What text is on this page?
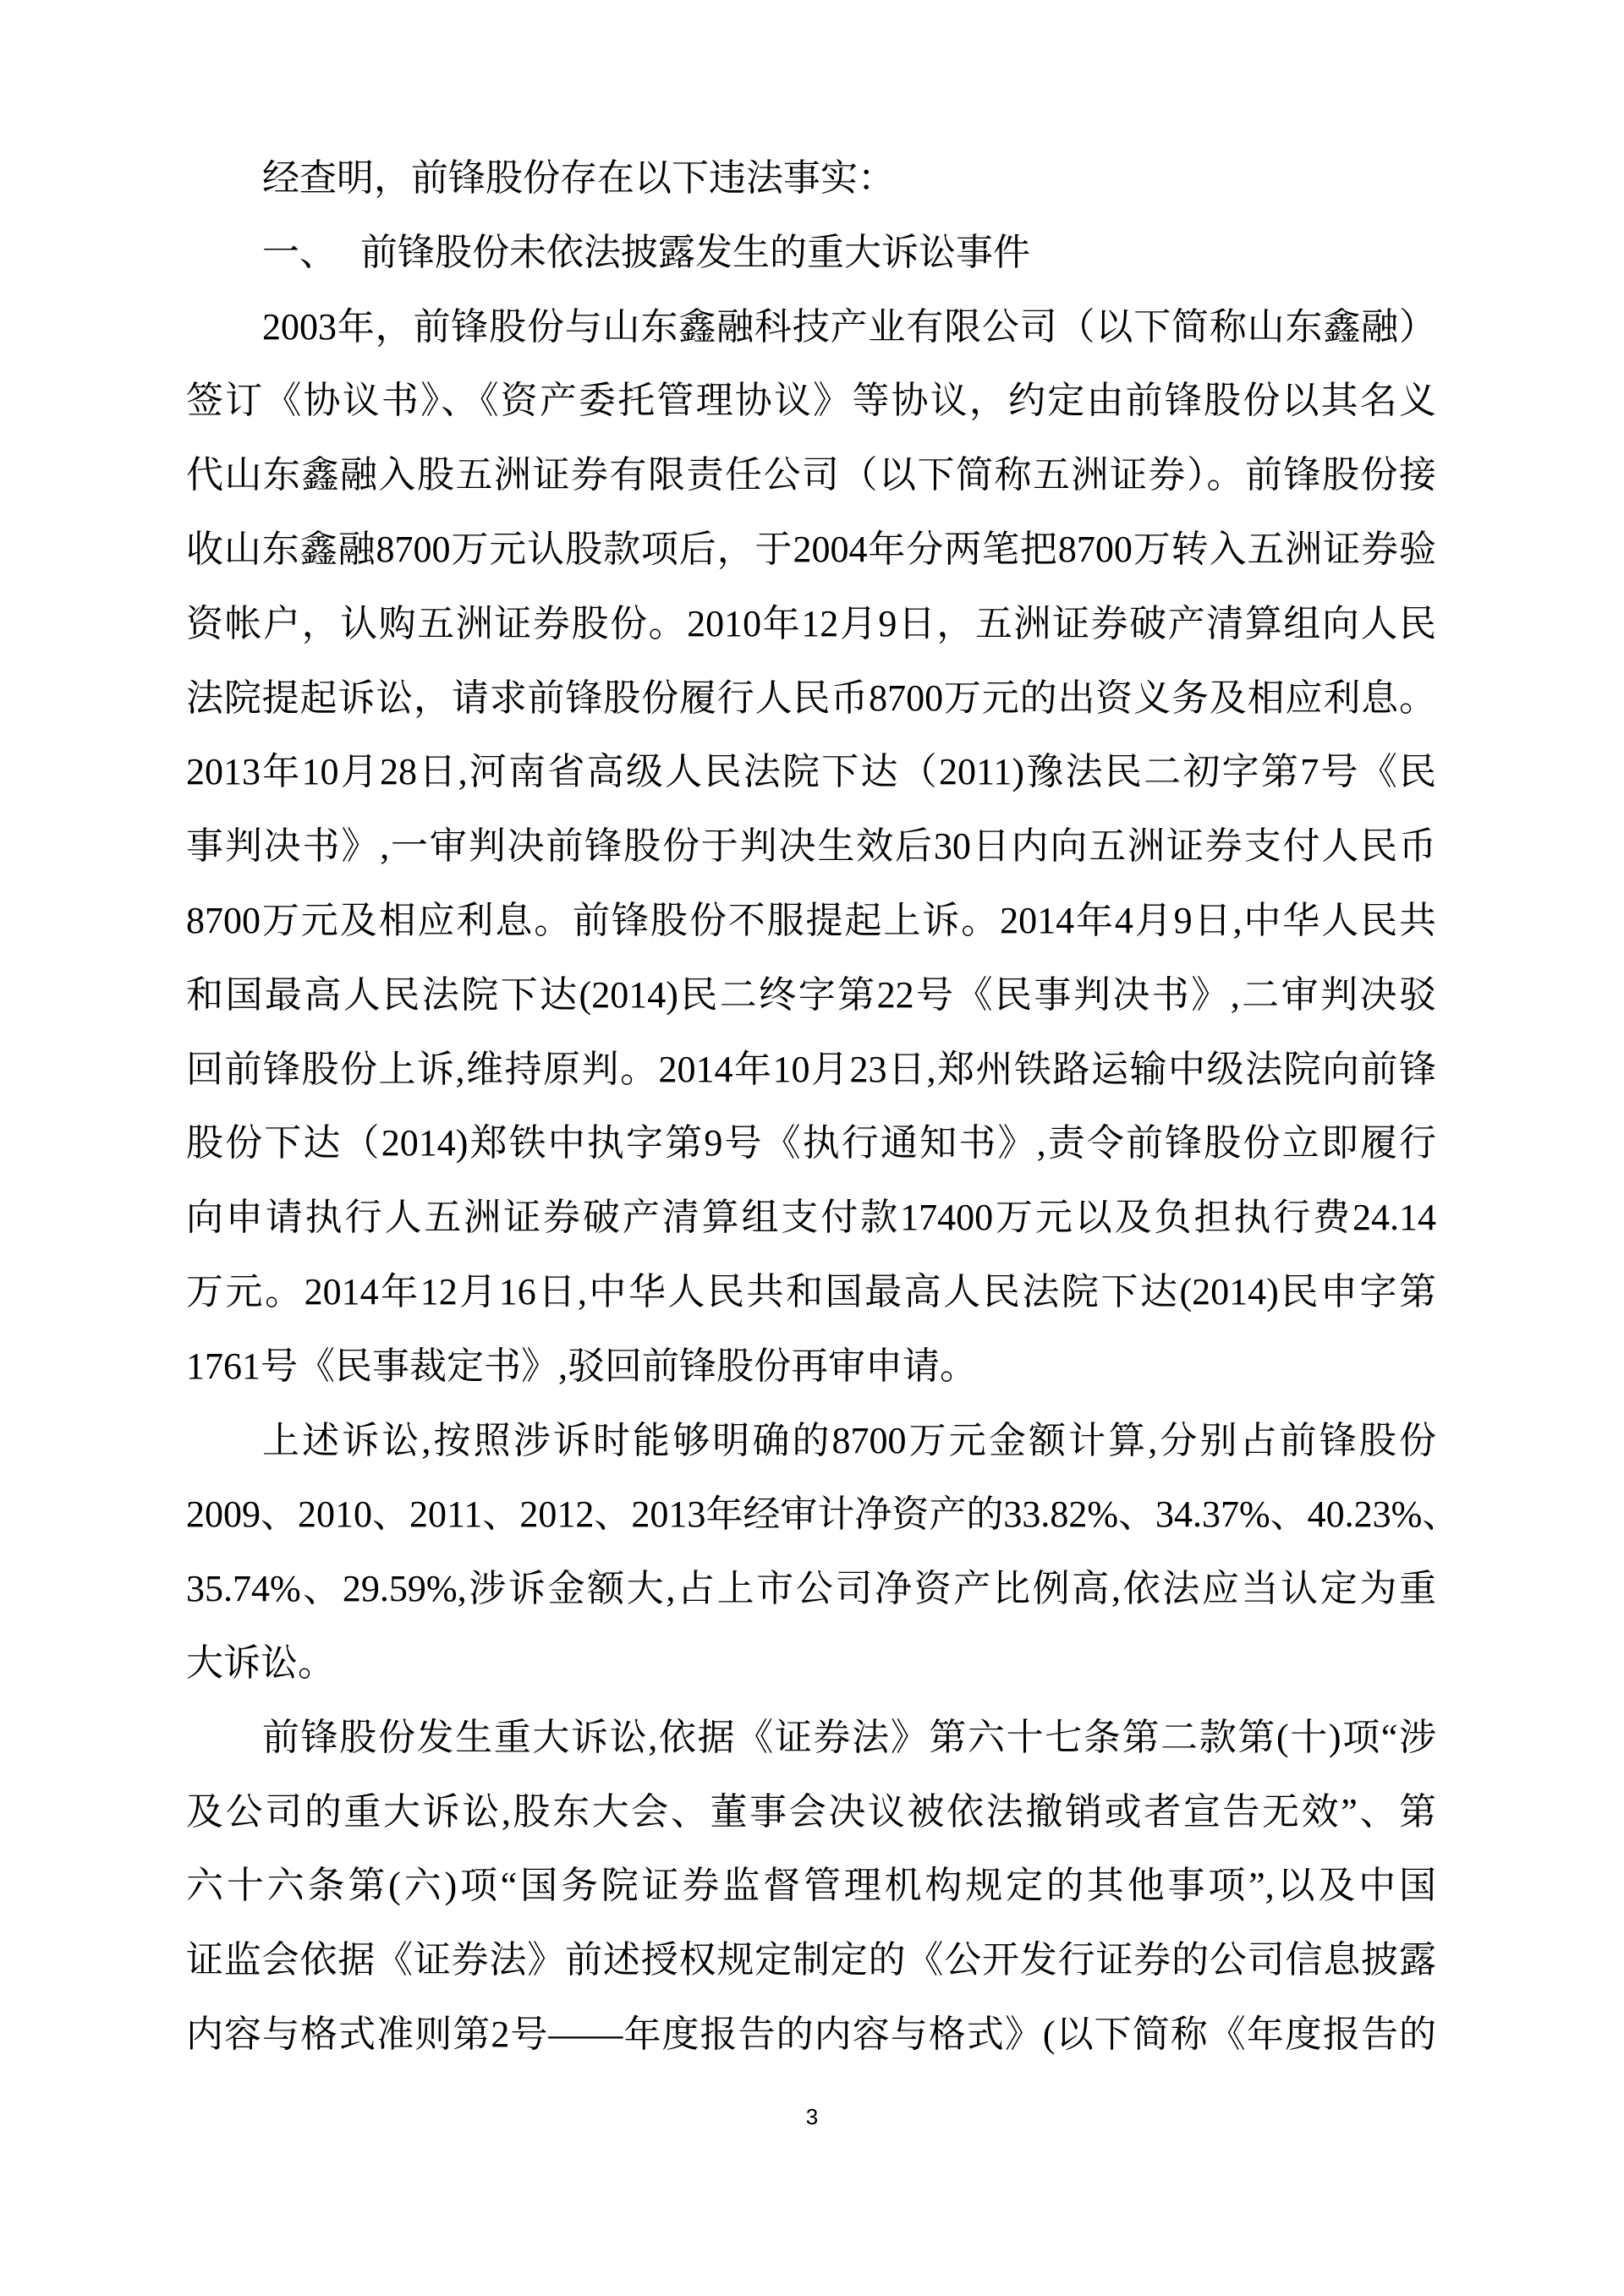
经查明，前锋股份存在以下违法事实：
一、 前锋股份未依法披露发生的重大诉讼事件
2003年，前锋股份与山东鑫融科技产业有限公司（以下简称山东鑫融）
签订《协议书》、《资产委托管理协议》等协议，约定由前锋股份以其名义
代山东鑫融入股五洲证券有限责任公司（以下简称五洲证券）。前锋股份接
收山东鑫融8700万元认股款项后，于2004年分两笔把8700万转入五洲证券验
资帐户，认购五洲证券股份。2010年12月9日，五洲证券破产清算组向人民
法院提起诉讼，请求前锋股份履行人民币8700万元的出资义务及相应利息。
2013年10月28日,河南省高级人民法院下达（2011)豫法民二初字第7号《民
事判决书》,一审判决前锋股份于判决生效后30日内向五洲证券支付人民币
8700万元及相应利息。前锋股份不服提起上诉。2014年4月9日,中华人民共
和国最高人民法院下达(2014)民二终字第22号《民事判决书》,二审判决驳
回前锋股份上诉,维持原判。2014年10月23日,郑州铁路运输中级法院向前锋
股份下达（2014)郑铁中执字第9号《执行通知书》,责令前锋股份立即履行
向申请执行人五洲证券破产清算组支付款17400万元以及负担执行费24.14
万元。2014年12月16日,中华人民共和国最高人民法院下达(2014)民申字第
1761号《民事裁定书》,驳回前锋股份再审申请。
上述诉讼,按照涉诉时能够明确的8700万元金额计算,分别占前锋股份
2009、2010、2011、2012、2013年经审计净资产的33.82%、34.37%、40.23%、
35.74%、29.59%,涉诉金额大,占上市公司净资产比例高,依法应当认定为重
大诉讼。
前锋股份发生重大诉讼,依据《证券法》第六十七条第二款第(十)项“涉
及公司的重大诉讼,股东大会、董事会决议被依法撤销或者宣告无效”、第
六十六条第(六)项“国务院证券监督管理机构规定的其他事项”,以及中国
证监会依据《证券法》前述授权规定制定的《公开发行证券的公司信息披露
内容与格式准则第2号——年度报告的内容与格式》(以下简称《年度报告的
3
